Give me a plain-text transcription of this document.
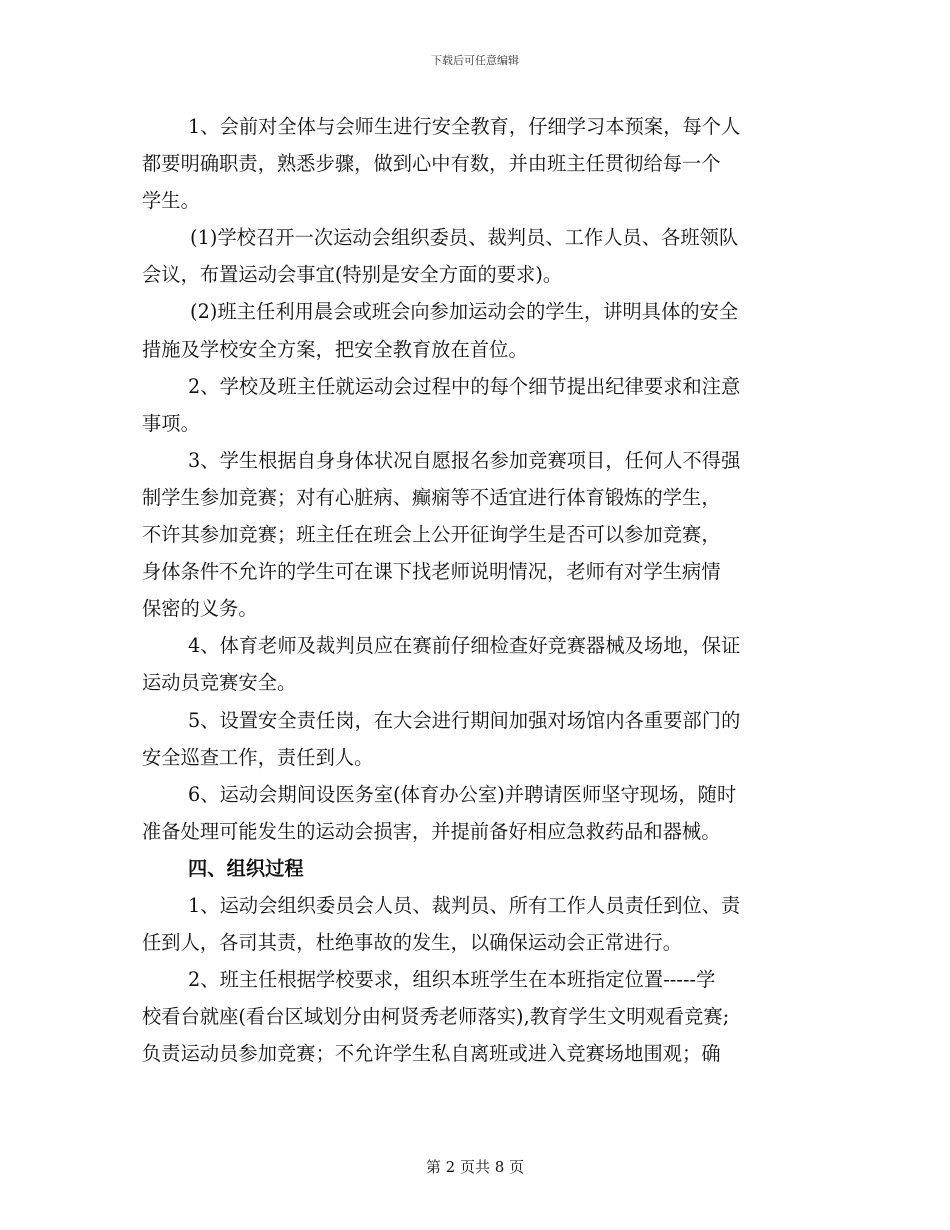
下载后可任意编辑
1、会前对全体与会师生进行安全教育，仔细学习本预案，每个人
都要明确职责，熟悉步骤，做到心中有数，并由班主任贯彻给每一个
学生。
(1)学校召开一次运动会组织委员、裁判员、工作人员、各班领队
会议，布置运动会事宜(特别是安全方面的要求)。
(2)班主任利用晨会或班会向参加运动会的学生，讲明具体的安全
措施及学校安全方案，把安全教育放在首位。
2、学校及班主任就运动会过程中的每个细节提出纪律要求和注意
事项。
3、学生根据自身身体状况自愿报名参加竞赛项目，任何人不得强
制学生参加竞赛；对有心脏病、癫痫等不适宜进行体育锻炼的学生，
不许其参加竞赛；班主任在班会上公开征询学生是否可以参加竞赛，
身体条件不允许的学生可在课下找老师说明情况，老师有对学生病情
保密的义务。
4、体育老师及裁判员应在赛前仔细检查好竞赛器械及场地，保证
运动员竞赛安全。
5、设置安全责任岗，在大会进行期间加强对场馆内各重要部门的
安全巡查工作，责任到人。
6、运动会期间设医务室(体育办公室)并聘请医师坚守现场，随时
准备处理可能发生的运动会损害，并提前备好相应急救药品和器械。
四、组织过程
1、运动会组织委员会人员、裁判员、所有工作人员责任到位、责
任到人，各司其责，杜绝事故的发生，以确保运动会正常进行。
2、班主任根据学校要求，组织本班学生在本班指定位置-----学
校看台就座(看台区域划分由柯贤秀老师落实),教育学生文明观看竞赛;
负责运动员参加竞赛；不允许学生私自离班或进入竞赛场地围观；确
第 2 页共 8 页
